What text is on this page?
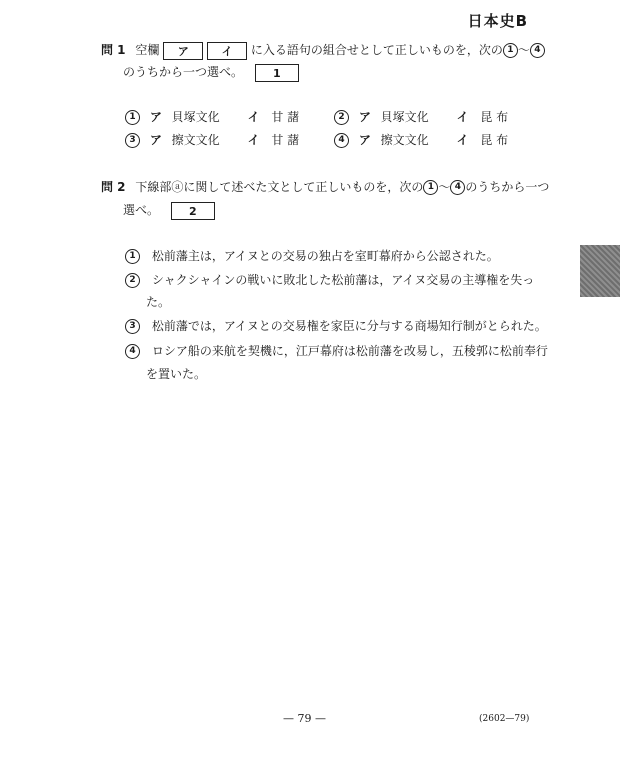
日本史B
問 1 空欄 ア	イ に入る語句の組合せとして正しいものを，次の 1 〜 4
のうちから一つ選べ。	1
1 ア 貝塚文化 イ 甘 藷	2 ア 貝塚文化 イ 昆 布
3 ア 擦文文化 イ 甘 藷	4 ア 擦文文化 イ 昆 布
問 2 下線部ⓐに関して述べた文として正しいものを，次の 1 〜 4 のうちから一つ
選べ。	2
1 松前藩主は，アイヌとの交易の独占を室町幕府から公認された。
2 シャクシャインの戦いに敗北した松前藩は，アイヌ交易の主導権を失っ
た。
3 松前藩では，アイヌとの交易権を家臣に分与する商場知行制がとられた。
4 ロシア船の来航を契機に，江戸幕府は松前藩を改易し，五稜郭に松前奉行
を置いた。
— 79 —	(2602—79)
